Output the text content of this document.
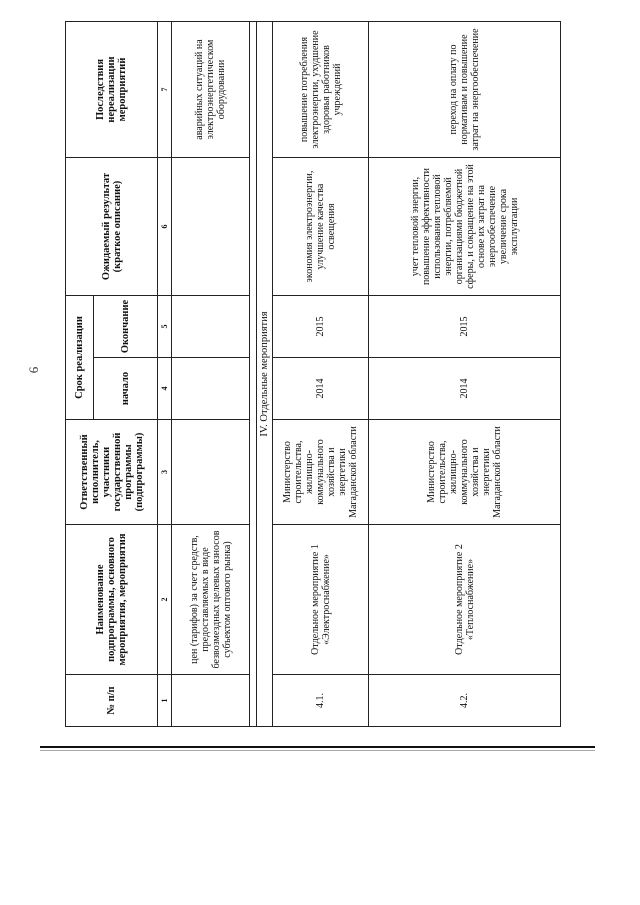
6
№ п/п	Наименование подпрограммы, основного мероприятия, мероприятия	Ответственный исполнитель, участники государственной программы (подпрограммы)	Срок реализации		Ожидаемый результат (краткое описание)	Последствия нереализации мероприятий
			начало	Окончание		
1	2	3	4	5	6	7
	цен (тарифов) за счет средств, предоставляемых в виде безвозмездных целевых взносов субъектом оптового рынка)					аварийных ситуаций на электроэнергетическом оборудовании

IV. Отдельные мероприятия						
4.1.	Отдельное мероприятие 1 «Электроснабжение»	Министерство строительства, жилищно-коммунального хозяйства и энергетики Магаданской области	2014	2015	экономия электроэнергии, улучшение качества освещения	повышение потребления электроэнергии, ухудшение здоровья работников учреждений
4.2.	Отдельное мероприятие 2 «Теплоснабжение»	Министерство строительства, жилищно-коммунального хозяйства и энергетики Магаданской области	2014	2015	учет тепловой энергии, повышение эффективности использования тепловой энергии, потребляемой организациями бюджетной сферы, и сокращение на этой основе их затрат на энергообеспечение увеличение срока эксплуатации	переход на оплату по нормативам и повышение затрат на энергообеспечение
